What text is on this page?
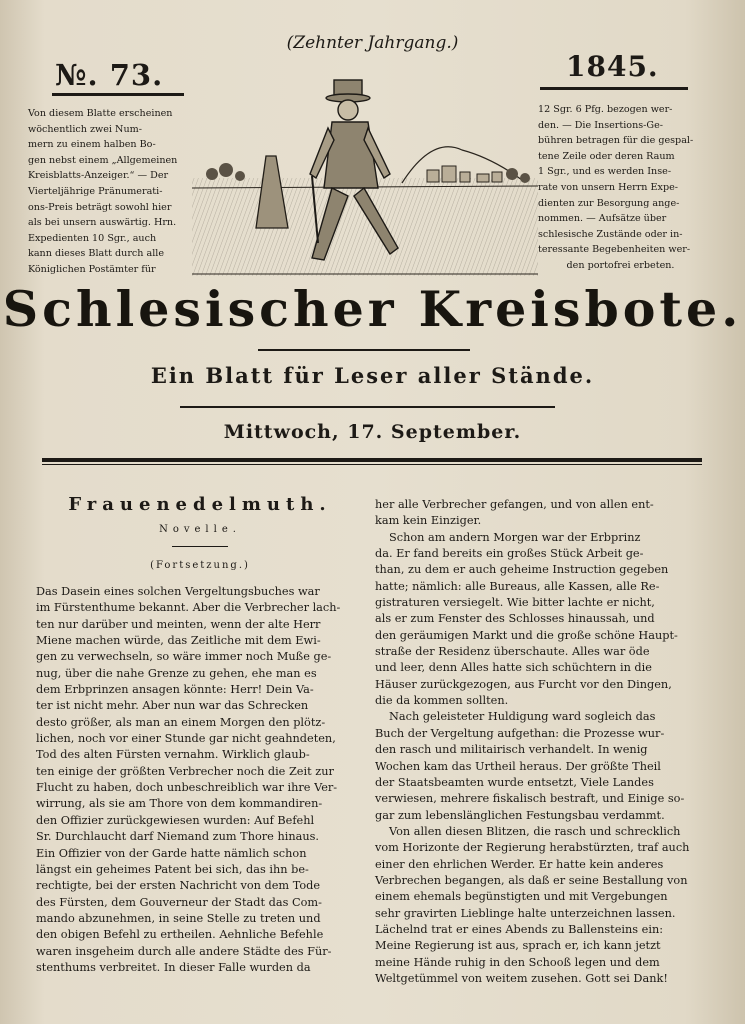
(Zehnter Jahrgang.)
№. 73.	1845.
Von diesem Blatte erscheinen
wöchentlich zwei Num-
mern zu einem halben Bo-
gen nebst einem „Allgemeinen
Kreisblatts-Anzeiger.“ — Der
Vierteljährige Pränumerati-
ons-Preis beträgt sowohl hier
als bei unsern auswärtig. Hrn.
Expedienten 10 Sgr., auch
kann dieses Blatt durch alle
Königlichen Postämter für
12 Sgr. 6 Pfg. bezogen wer-
den. — Die Insertions-Ge-
bühren betragen für die gespal-
tene Zeile oder deren Raum
1 Sgr., und es werden Inse-
rate von unsern Herrn Expe-
dienten zur Besorgung ange-
nommen. — Aufsätze über
schlesische Zustände oder in-
teressante Begebenheiten wer-
den portofrei erbeten.
Schlesischer Kreisbote.
Ein Blatt für Leser aller Stände.
Mittwoch, 17. September.
Frauenedelmuth.
Novelle.
(Fortsetzung.)
Das Dasein eines solchen Vergeltungsbuches war
im Fürstenthume bekannt. Aber die Verbrecher lach-
ten nur darüber und meinten, wenn der alte Herr
Miene machen würde, das Zeitliche mit dem Ewi-
gen zu verwechseln, so wäre immer noch Muße ge-
nug, über die nahe Grenze zu gehen, ehe man es
dem Erbprinzen ansagen könnte: Herr! Dein Va-
ter ist nicht mehr. Aber nun war das Schrecken
desto größer, als man an einem Morgen den plötz-
lichen, noch vor einer Stunde gar nicht geahndeten,
Tod des alten Fürsten vernahm. Wirklich glaub-
ten einige der größten Verbrecher noch die Zeit zur
Flucht zu haben, doch unbeschreiblich war ihre Ver-
wirrung, als sie am Thore von dem kommandiren-
den Offizier zurückgewiesen wurden: Auf Befehl
Sr. Durchlaucht darf Niemand zum Thore hinaus.
Ein Offizier von der Garde hatte nämlich schon
längst ein geheimes Patent bei sich, das ihn be-
rechtigte, bei der ersten Nachricht von dem Tode
des Fürsten, dem Gouverneur der Stadt das Com-
mando abzunehmen, in seine Stelle zu treten und
den obigen Befehl zu ertheilen. Aehnliche Befehle
waren insgeheim durch alle andere Städte des Für-
stenthums verbreitet. In dieser Falle wurden da
her alle Verbrecher gefangen, und von allen ent-
kam kein Einziger.
Schon am andern Morgen war der Erbprinz
da. Er fand bereits ein großes Stück Arbeit ge-
than, zu dem er auch geheime Instruction gegeben
hatte; nämlich: alle Bureaus, alle Kassen, alle Re-
gistraturen versiegelt. Wie bitter lachte er nicht,
als er zum Fenster des Schlosses hinaussah, und
den geräumigen Markt und die große schöne Haupt-
straße der Residenz überschaute. Alles war öde
und leer, denn Alles hatte sich schüchtern in die
Häuser zurückgezogen, aus Furcht vor den Dingen,
die da kommen sollten.
Nach geleisteter Huldigung ward sogleich das
Buch der Vergeltung aufgethan: die Prozesse wur-
den rasch und militairisch verhandelt. In wenig
Wochen kam das Urtheil heraus. Der größte Theil
der Staatsbeamten wurde entsetzt, Viele Landes
verwiesen, mehrere fiskalisch bestraft, und Einige so-
gar zum lebenslänglichen Festungsbau verdammt.
Von allen diesen Blitzen, die rasch und schrecklich
vom Horizonte der Regierung herabstürzten, traf auch
einer den ehrlichen Werder. Er hatte kein anderes
Verbrechen begangen, als daß er seine Bestallung von
einem ehemals begünstigten und mit Vergebungen
sehr gravirten Lieblinge halte unterzeichnen lassen.
Lächelnd trat er eines Abends zu Ballensteins ein:
Meine Regierung ist aus, sprach er, ich kann jetzt
meine Hände ruhig in den Schooß legen und dem
Weltgetümmel von weitem zusehen. Gott sei Dank!
